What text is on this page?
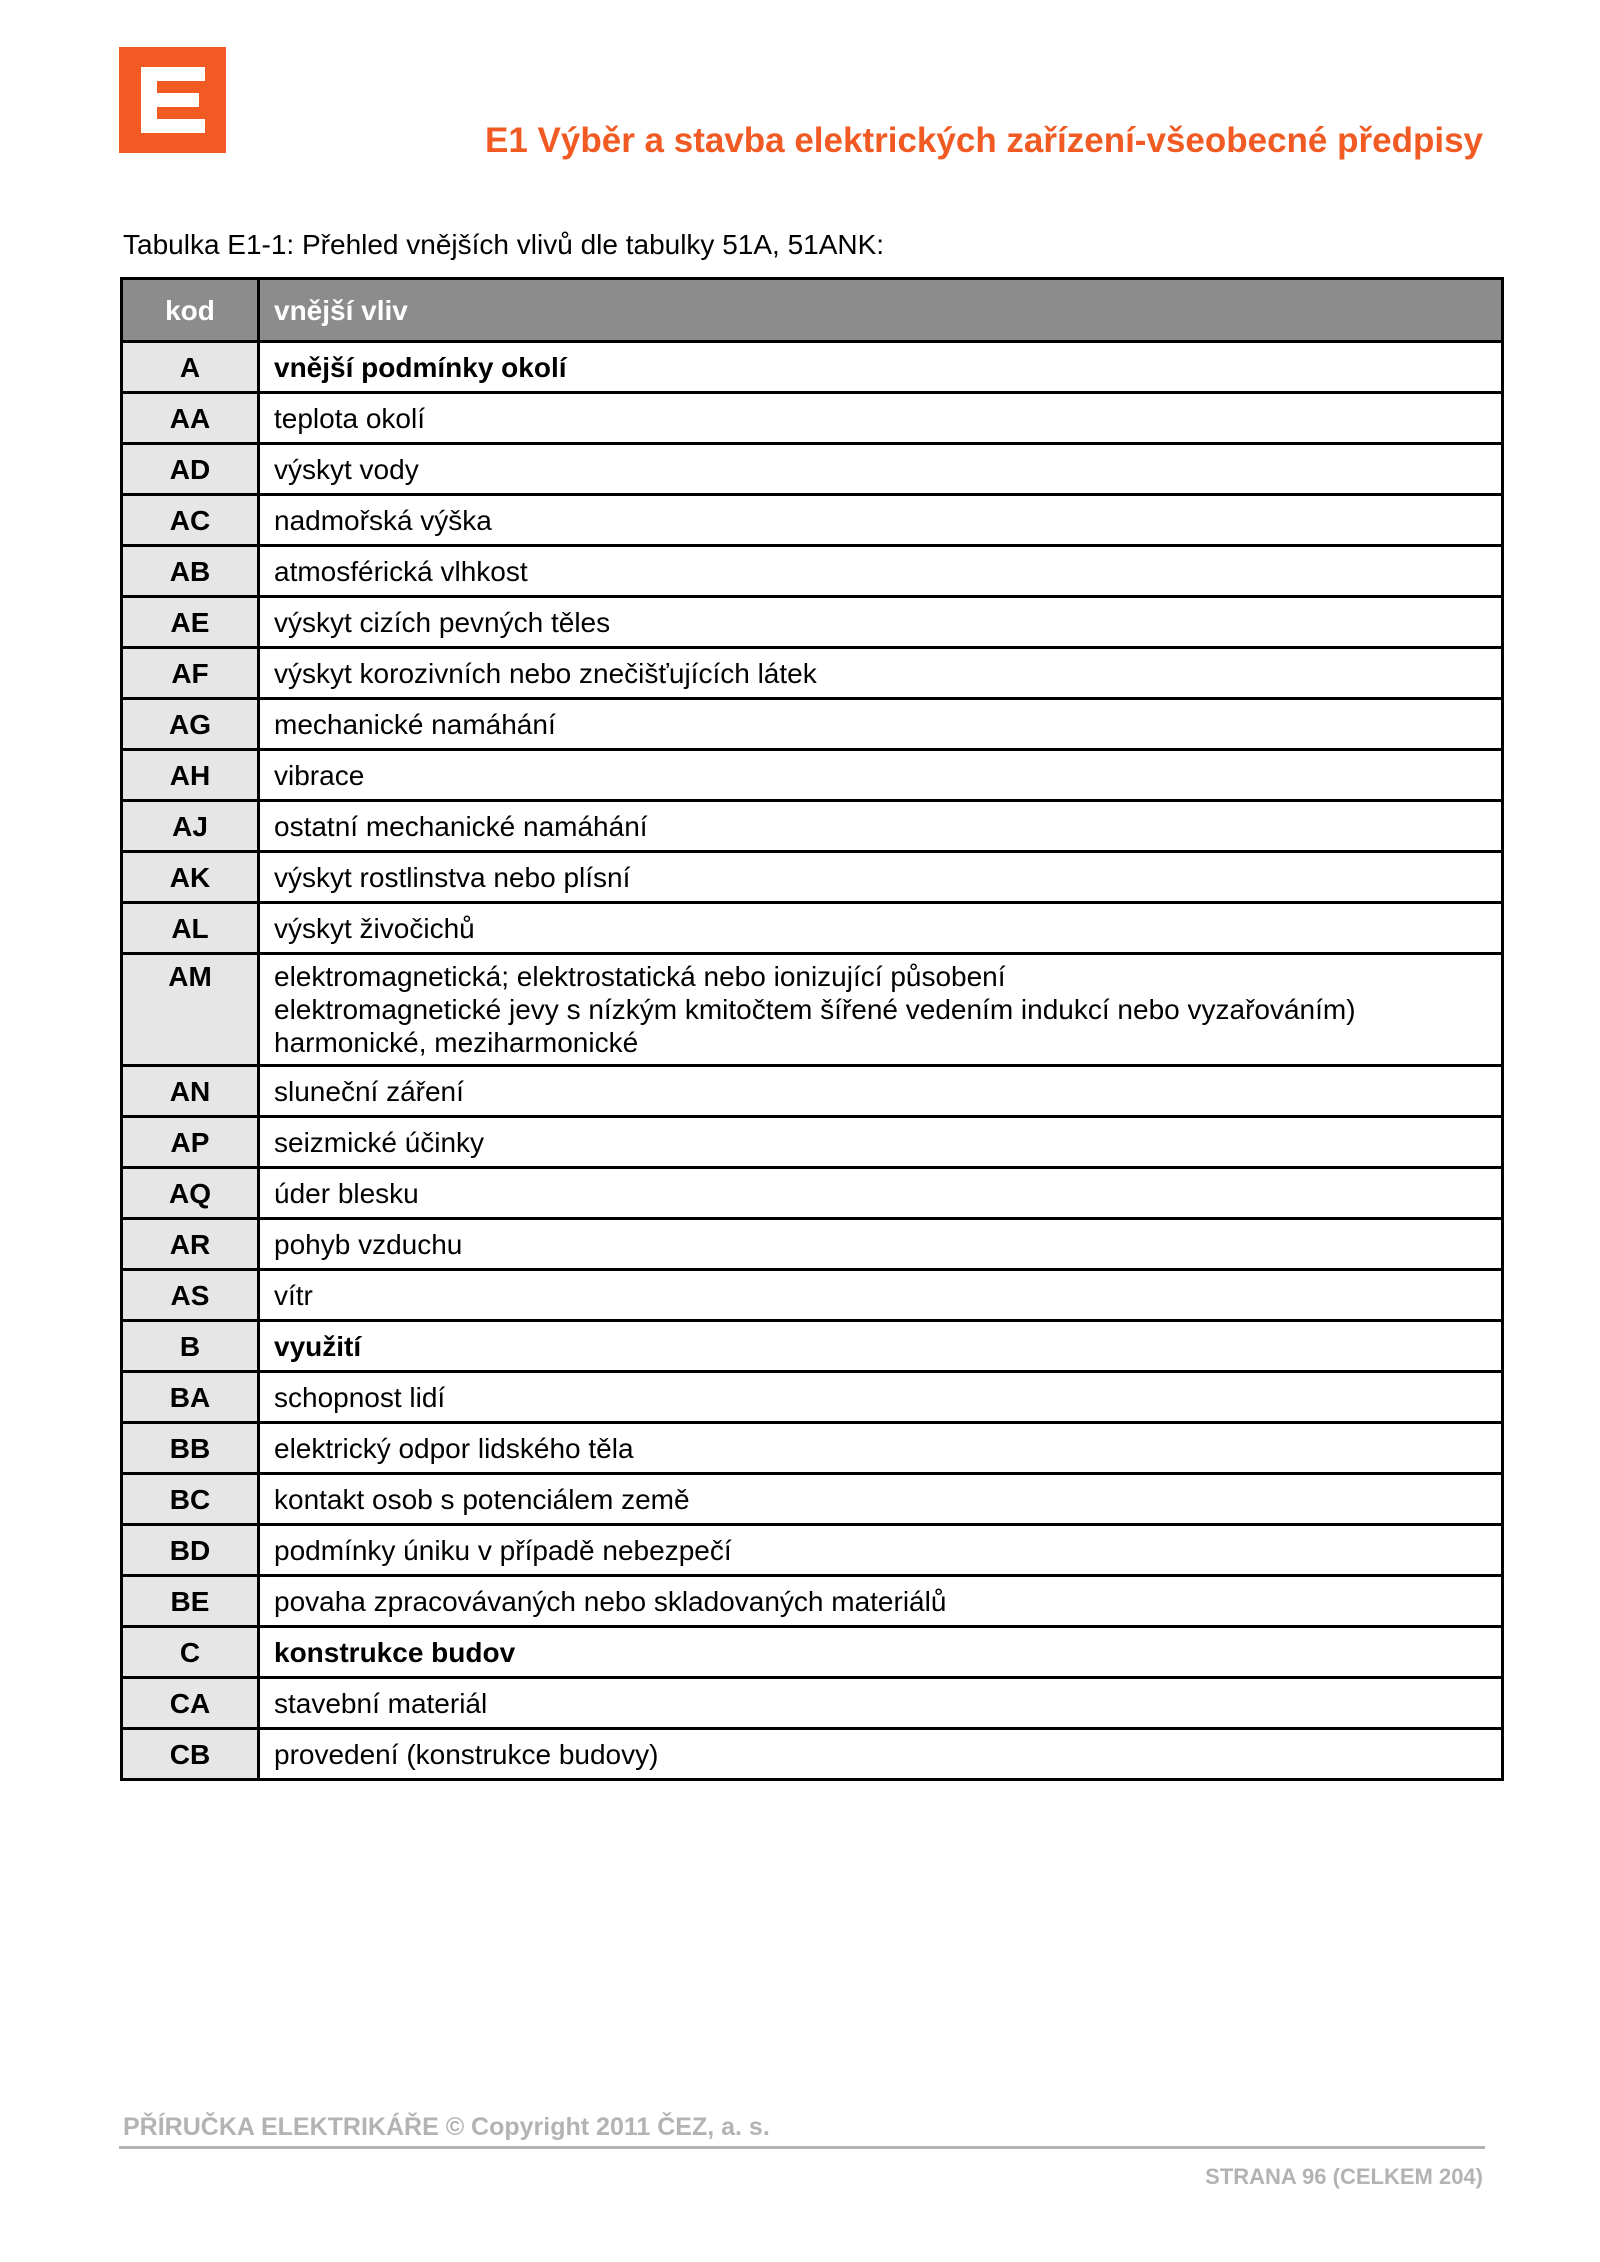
E1 Výběr a stavba elektrických zařízení-všeobecné předpisy
Tabulka E1-1: Přehled vnějších vlivů dle tabulky 51A, 51ANK:
kod	vnější vliv
A	vnější podmínky okolí

AA	teplota okolí

AD	výskyt vody

AC	nadmořská výška

AB	atmosférická vlhkost

AE	výskyt cizích pevných těles

AF	výskyt korozivních nebo znečišťujících látek

AG	mechanické namáhání

AH	vibrace

AJ	ostatní mechanické namáhání

AK	výskyt rostlinstva nebo plísní

AL	výskyt živočichů

AM	elektromagnetická; elektrostatická nebo ionizující působení
elektromagnetické jevy s nízkým kmitočtem šířené vedením indukcí nebo vyzařováním)
harmonické, meziharmonické

AN	sluneční záření

AP	seizmické účinky

AQ	úder blesku

AR	pohyb vzduchu

AS	vítr

B	využití

BA	schopnost lidí

BB	elektrický odpor lidského těla

BC	kontakt osob s potenciálem země

BD	podmínky úniku v případě nebezpečí

BE	povaha zpracovávaných nebo skladovaných materiálů

C	konstrukce budov

CA	stavební materiál

CB	provedení (konstrukce budovy)
PŘÍRUČKA ELEKTRIKÁŘE © Copyright 2011 ČEZ, a. s.
STRANA 96 (CELKEM 204)
